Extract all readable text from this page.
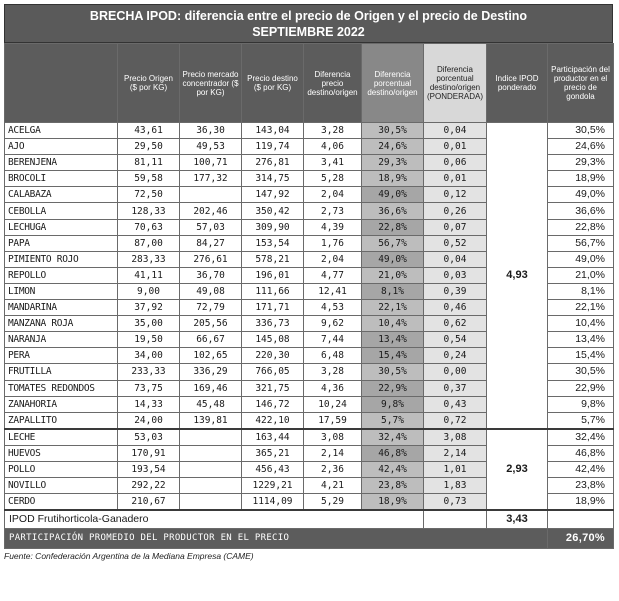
BRECHA IPOD: diferencia entre el precio de Origen y el precio de Destino
SEPTIEMBRE 2022
	Precio Origen ($ por KG)	Precio mercado concentrador ($ por KG)	Precio destino ($ por KG)	Diferencia precio destino/origen	Diferencia porcentual destino/origen	Diferencia porcentual destino/origen (PONDERADA)	Indice IPOD ponderado	Participación del productor en el precio de gondola
ACELGA	43,61	36,30	143,04	3,28	30,5%	0,04	4,93	30,5%
AJO	29,50	49,53	119,74	4,06	24,6%	0,01		24,6%
BERENJENA	81,11	100,71	276,81	3,41	29,3%	0,06		29,3%
BROCOLI	59,58	177,32	314,75	5,28	18,9%	0,01		18,9%
CALABAZA	72,50		147,92	2,04	49,0%	0,12		49,0%
CEBOLLA	128,33	202,46	350,42	2,73	36,6%	0,26		36,6%
LECHUGA	70,63	57,03	309,90	4,39	22,8%	0,07		22,8%
PAPA	87,00	84,27	153,54	1,76	56,7%	0,52		56,7%
PIMIENTO ROJO	283,33	276,61	578,21	2,04	49,0%	0,04		49,0%
REPOLLO	41,11	36,70	196,01	4,77	21,0%	0,03		21,0%
LIMON	9,00	49,08	111,66	12,41	8,1%	0,39		8,1%
MANDARINA	37,92	72,79	171,71	4,53	22,1%	0,46		22,1%
MANZANA ROJA	35,00	205,56	336,73	9,62	10,4%	0,62		10,4%
NARANJA	19,50	66,67	145,08	7,44	13,4%	0,54		13,4%
PERA	34,00	102,65	220,30	6,48	15,4%	0,24		15,4%
FRUTILLA	233,33	336,29	766,05	3,28	30,5%	0,00		30,5%
TOMATES REDONDOS	73,75	169,46	321,75	4,36	22,9%	0,37		22,9%
ZANAHORIA	14,33	45,48	146,72	10,24	9,8%	0,43		9,8%
ZAPALLITO	24,00	139,81	422,10	17,59	5,7%	0,72		5,7%
LECHE	53,03		163,44	3,08	32,4%	3,08	2,93	32,4%
HUEVOS	170,91		365,21	2,14	46,8%	2,14		46,8%
POLLO	193,54		456,43	2,36	42,4%	1,01		42,4%
NOVILLO	292,22		1229,21	4,21	23,8%	1,83		23,8%
CERDO	210,67		1114,09	5,29	18,9%	0,73		18,9%
IPOD Frutihorticola-Ganadero							3,43	
PARTICIPACIÓN PROMEDIO DEL PRODUCTOR EN EL PRECIO								26,70%
Fuente: Confederación Argentina de la Mediana Empresa (CAME)
